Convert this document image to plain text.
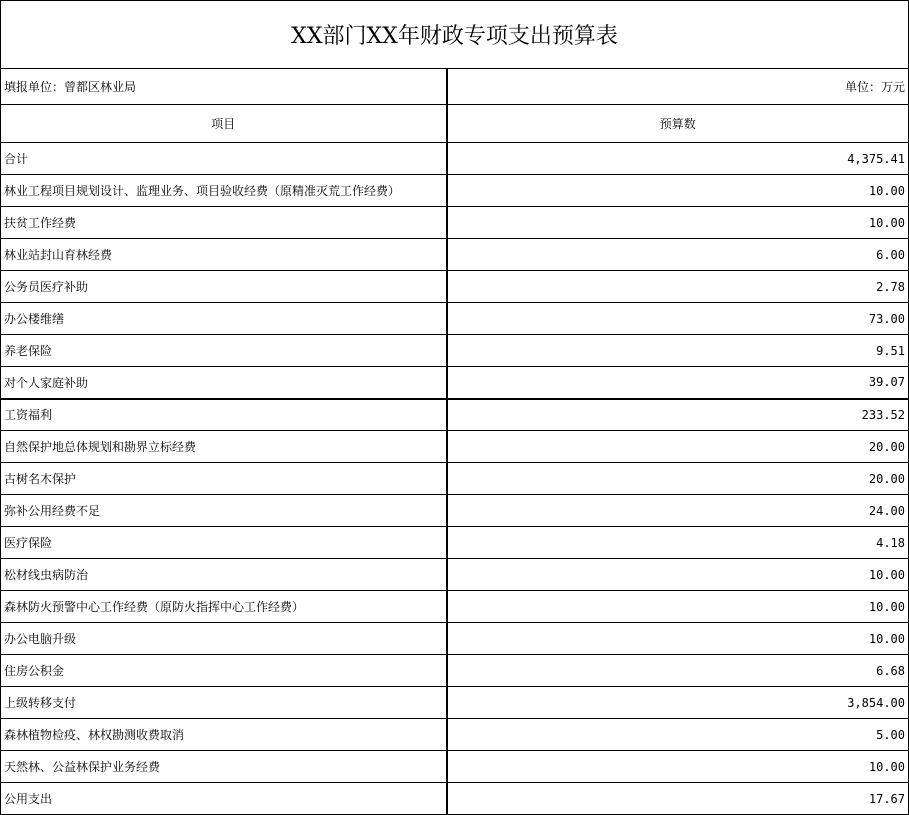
XX部门XX年财政专项支出预算表	
填报单位：曾都区林业局	单位：万元
项目	预算数
合计	4,375.41
林业工程项目规划设计、监理业务、项目验收经费（原精准灭荒工作经费）	10.00
扶贫工作经费	10.00
林业站封山育林经费	6.00
公务员医疗补助	2.78
办公楼维缮	73.00
养老保险	9.51
对个人家庭补助	39.07
工资福利	233.52
自然保护地总体规划和勘界立标经费	20.00
古树名木保护	20.00
弥补公用经费不足	24.00
医疗保险	4.18
松材线虫病防治	10.00
森林防火预警中心工作经费（原防火指挥中心工作经费）	10.00
办公电脑升级	10.00
住房公积金	6.68
上级转移支付	3,854.00
森林植物检疫、林权勘测收费取消	5.00
天然林、公益林保护业务经费	10.00
公用支出	17.67
